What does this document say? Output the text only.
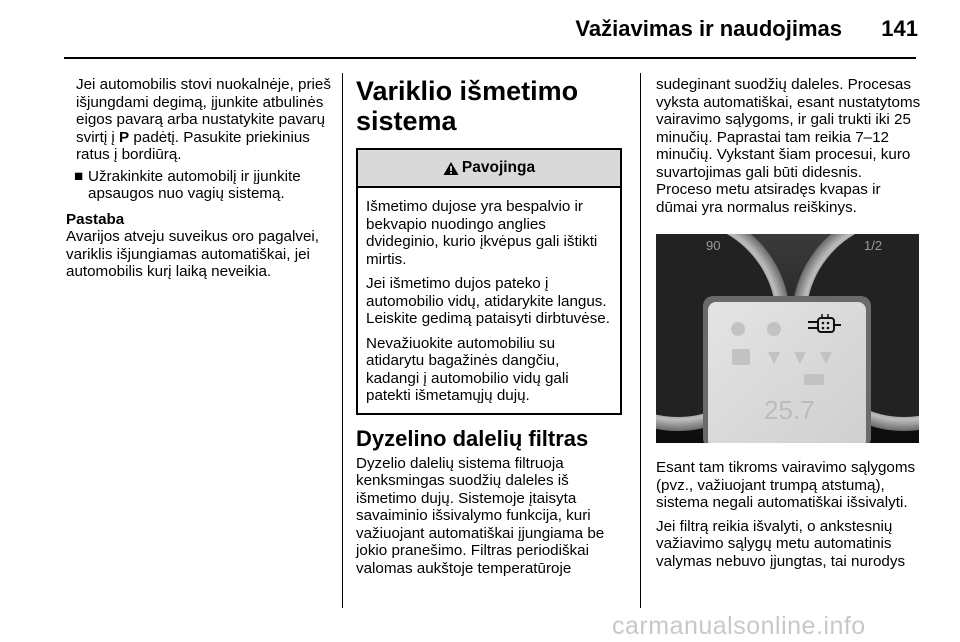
Važiavimas ir naudojimas 141

Jei automobilis stovi nuokalnėje, prieš išjungdami degimą, įjunkite atbulinės eigos pavarą arba nustatykite pavarų svirtį į P padėtį. Pasukite priekinius ratus į bordiūrą.

■ Užrakinkite automobilį ir įjunkite apsaugos nuo vagių sistemą.

Pastaba

Avarijos atveju suveikus oro pagalvei, variklis išjungiamas automatiškai, jei automobilis kurį laiką neveikia.

Variklio išmetimo
sistema
Pavojinga

Išmetimo dujose yra bespalvio ir bekvapio nuodingo anglies dvideginio, kurio įkvėpus gali ištikti mirtis.

Jei išmetimo dujos pateko į automobilio vidų, atidarykite langus. Leiskite gedimą pataisyti dirbtuvėse.

Nevažiuokite automobiliu su atidarytu bagažinės dangčiu, kadangi į automobilio vidų gali patekti išmetamųjų dujų.

Dyzelino dalelių filtras

Dyzelio dalelių sistema filtruoja kenksmingas suodžių daleles iš išmetimo dujų. Sistemoje įtaisyta savaiminio išsivalymo funkcija, kuri važiuojant automatiškai įjungiama be jokio pranešimo. Filtras periodiškai valomas aukštoje temperatūroje

sudeginant suodžių daleles. Procesas vyksta automatiškai, esant nustatytoms vairavimo sąlygoms, ir gali trukti iki 25 minučių. Paprastai tam reikia 7–12 minučių. Vykstant šiam procesui, kuro suvartojimas gali būti didesnis. Proceso metu atsiradęs kvapas ir dūmai yra normalus reiškinys.

90	1/2
25.7

Esant tam tikroms vairavimo sąlygoms (pvz., važiuojant trumpą atstumą), sistema negali automatiškai išsivalyti.

Jei filtrą reikia išvalyti, o ankstesnių važiavimo sąlygų metu automatinis valymas nebuvo įjungtas, tai nurodys

carmanualsonline.info
